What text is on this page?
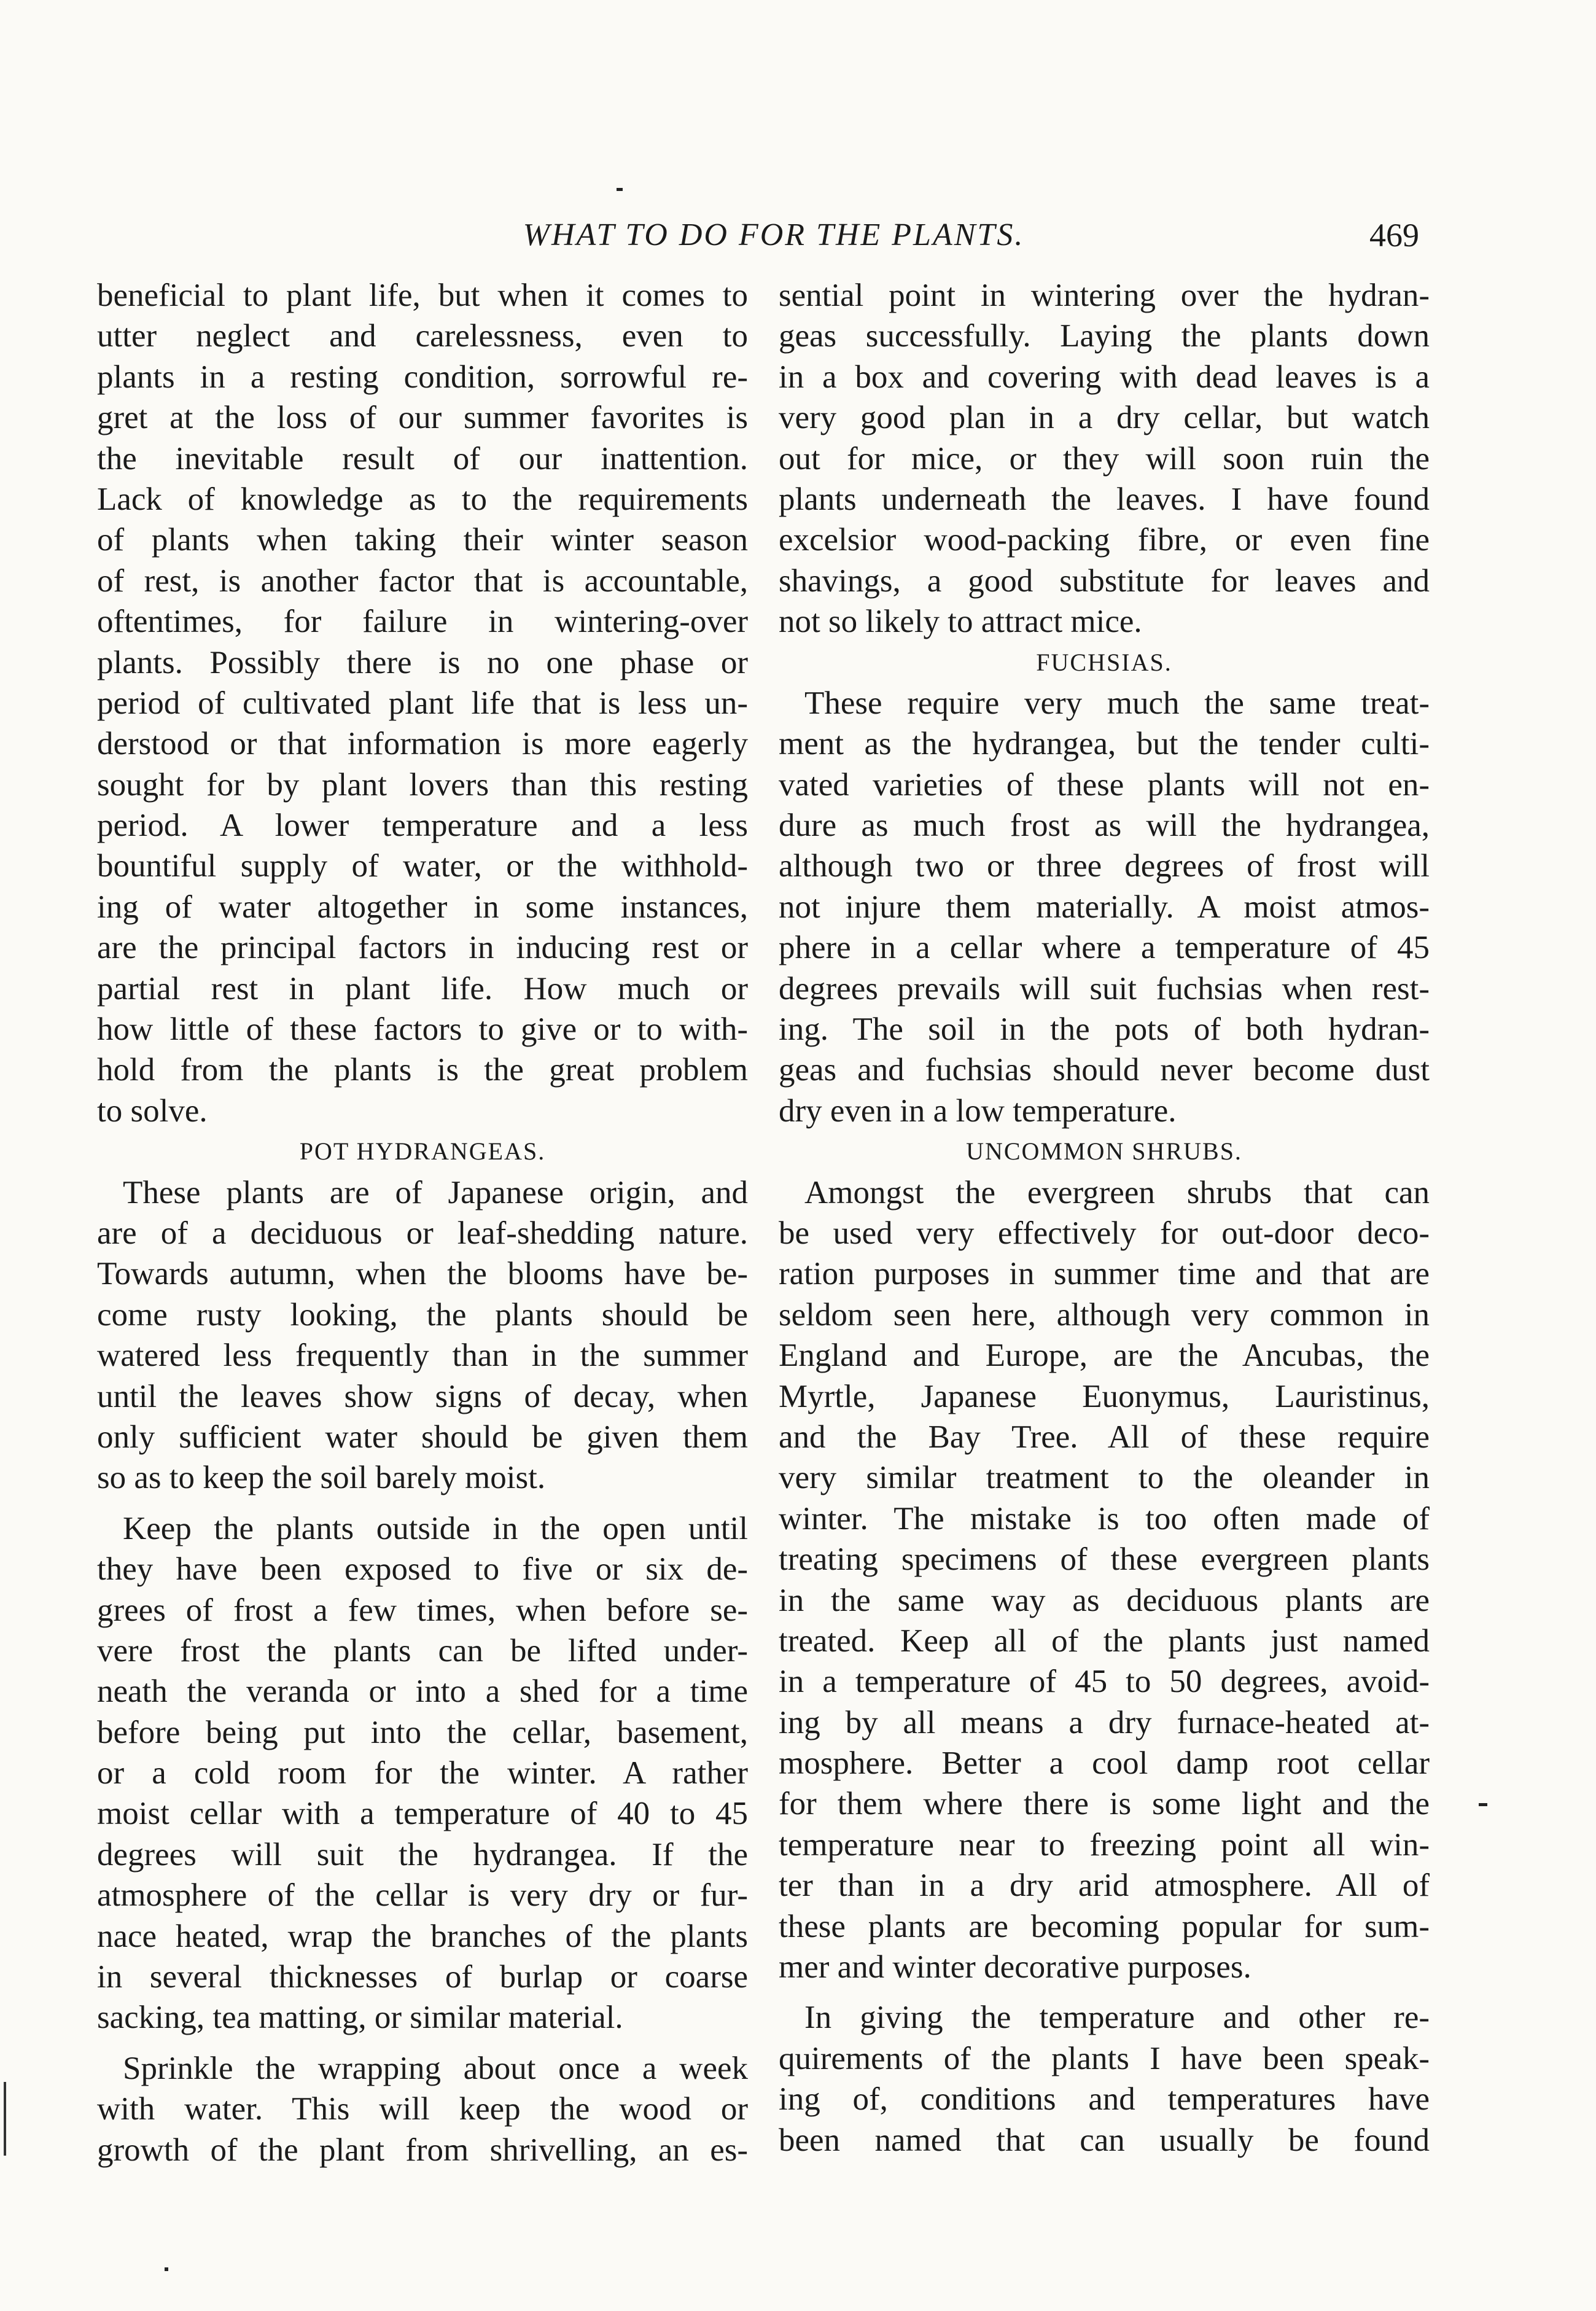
WHAT TO DO FOR THE PLANTS.	469
beneficial to plant life, but when it comes to
utter neglect and carelessness, even to
plants in a resting condition, sorrowful re-
gret at the loss of our summer favorites is
the inevitable result of our inattention.
Lack of knowledge as to the requirements
of plants when taking their winter season
of rest, is another factor that is accountable,
oftentimes, for failure in wintering-over
plants. Possibly there is no one phase or
period of cultivated plant life that is less un-
derstood or that information is more eagerly
sought for by plant lovers than this resting
period. A lower temperature and a less
bountiful supply of water, or the withhold-
ing of water altogether in some instances,
are the principal factors in inducing rest or
partial rest in plant life. How much or
how little of these factors to give or to with-
hold from the plants is the great problem
to solve.
POT HYDRANGEAS.
These plants are of Japanese origin, and
are of a deciduous or leaf-shedding nature.
Towards autumn, when the blooms have be-
come rusty looking, the plants should be
watered less frequently than in the summer
until the leaves show signs of decay, when
only sufficient water should be given them
so as to keep the soil barely moist.
Keep the plants outside in the open until
they have been exposed to five or six de-
grees of frost a few times, when before se-
vere frost the plants can be lifted under-
neath the veranda or into a shed for a time
before being put into the cellar, basement,
or a cold room for the winter. A rather
moist cellar with a temperature of 40 to 45
degrees will suit the hydrangea. If the
atmosphere of the cellar is very dry or fur-
nace heated, wrap the branches of the plants
in several thicknesses of burlap or coarse
sacking, tea matting, or similar material.
Sprinkle the wrapping about once a week
with water. This will keep the wood or
growth of the plant from shrivelling, an es-
sential point in wintering over the hydran-
geas successfully. Laying the plants down
in a box and covering with dead leaves is a
very good plan in a dry cellar, but watch
out for mice, or they will soon ruin the
plants underneath the leaves. I have found
excelsior wood-packing fibre, or even fine
shavings, a good substitute for leaves and
not so likely to attract mice.
FUCHSIAS.
These require very much the same treat-
ment as the hydrangea, but the tender culti-
vated varieties of these plants will not en-
dure as much frost as will the hydrangea,
although two or three degrees of frost will
not injure them materially. A moist atmos-
phere in a cellar where a temperature of 45
degrees prevails will suit fuchsias when rest-
ing. The soil in the pots of both hydran-
geas and fuchsias should never become dust
dry even in a low temperature.
UNCOMMON SHRUBS.
Amongst the evergreen shrubs that can
be used very effectively for out-door deco-
ration purposes in summer time and that are
seldom seen here, although very common in
England and Europe, are the Ancubas, the
Myrtle, Japanese Euonymus, Lauristinus,
and the Bay Tree. All of these require
very similar treatment to the oleander in
winter. The mistake is too often made of
treating specimens of these evergreen plants
in the same way as deciduous plants are
treated. Keep all of the plants just named
in a temperature of 45 to 50 degrees, avoid-
ing by all means a dry furnace-heated at-
mosphere. Better a cool damp root cellar
for them where there is some light and the
temperature near to freezing point all win-
ter than in a dry arid atmosphere. All of
these plants are becoming popular for sum-
mer and winter decorative purposes.
In giving the temperature and other re-
quirements of the plants I have been speak-
ing of, conditions and temperatures have
been named that can usually be found
